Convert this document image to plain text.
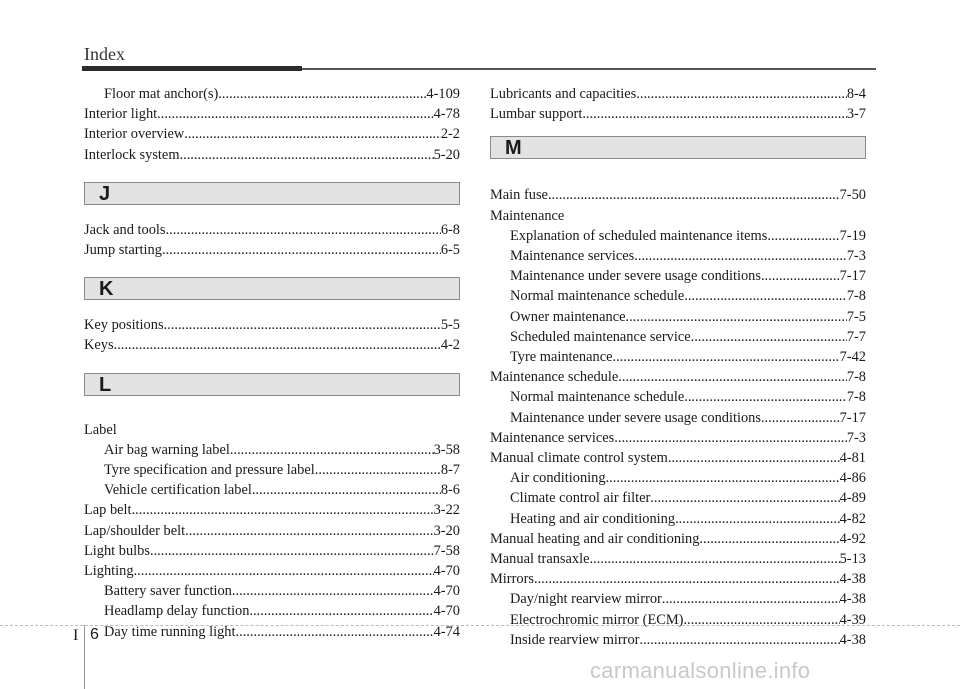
Index
Floor mat anchor(s) .....	4-109
Interior light .....	4-78
Interior overview .....	2-2
Interlock system .....	5-20
J
Jack and tools .....	6-8
Jump starting .....	6-5
K
Key positions .....	5-5
Keys .....	4-2
L
Label
Air bag warning label .....	3-58
Tyre specification and pressure label .....	8-7
Vehicle certification label .....	8-6
Lap belt .....	3-22
Lap/shoulder belt .....	3-20
Light bulbs .....	7-58
Lighting .....	4-70
Battery saver function .....	4-70
Headlamp delay function .....	4-70
Day time running light .....	4-74
Lubricants and capacities .....	8-4
Lumbar support .....	3-7
M
Main fuse .....	7-50
Maintenance
Explanation of scheduled maintenance items .....	7-19
Maintenance services .....	7-3
Maintenance under severe usage conditions .....	7-17
Normal maintenance schedule .....	7-8
Owner maintenance .....	7-5
Scheduled maintenance service .....	7-7
Tyre maintenance .....	7-42
Maintenance schedule .....	7-8
Normal maintenance schedule .....	7-8
Maintenance under severe usage conditions .....	7-17
Maintenance services .....	7-3
Manual climate control system .....	4-81
Air conditioning .....	4-86
Climate control air filter .....	4-89
Heating and air conditioning .....	4-82
Manual heating and air conditioning .....	4-92
Manual transaxle .....	5-13
Mirrors .....	4-38
Day/night rearview mirror .....	4-38
Electrochromic mirror (ECM) .....	4-39
Inside rearview mirror .....	4-38
I 6
carmanualsonline.info
